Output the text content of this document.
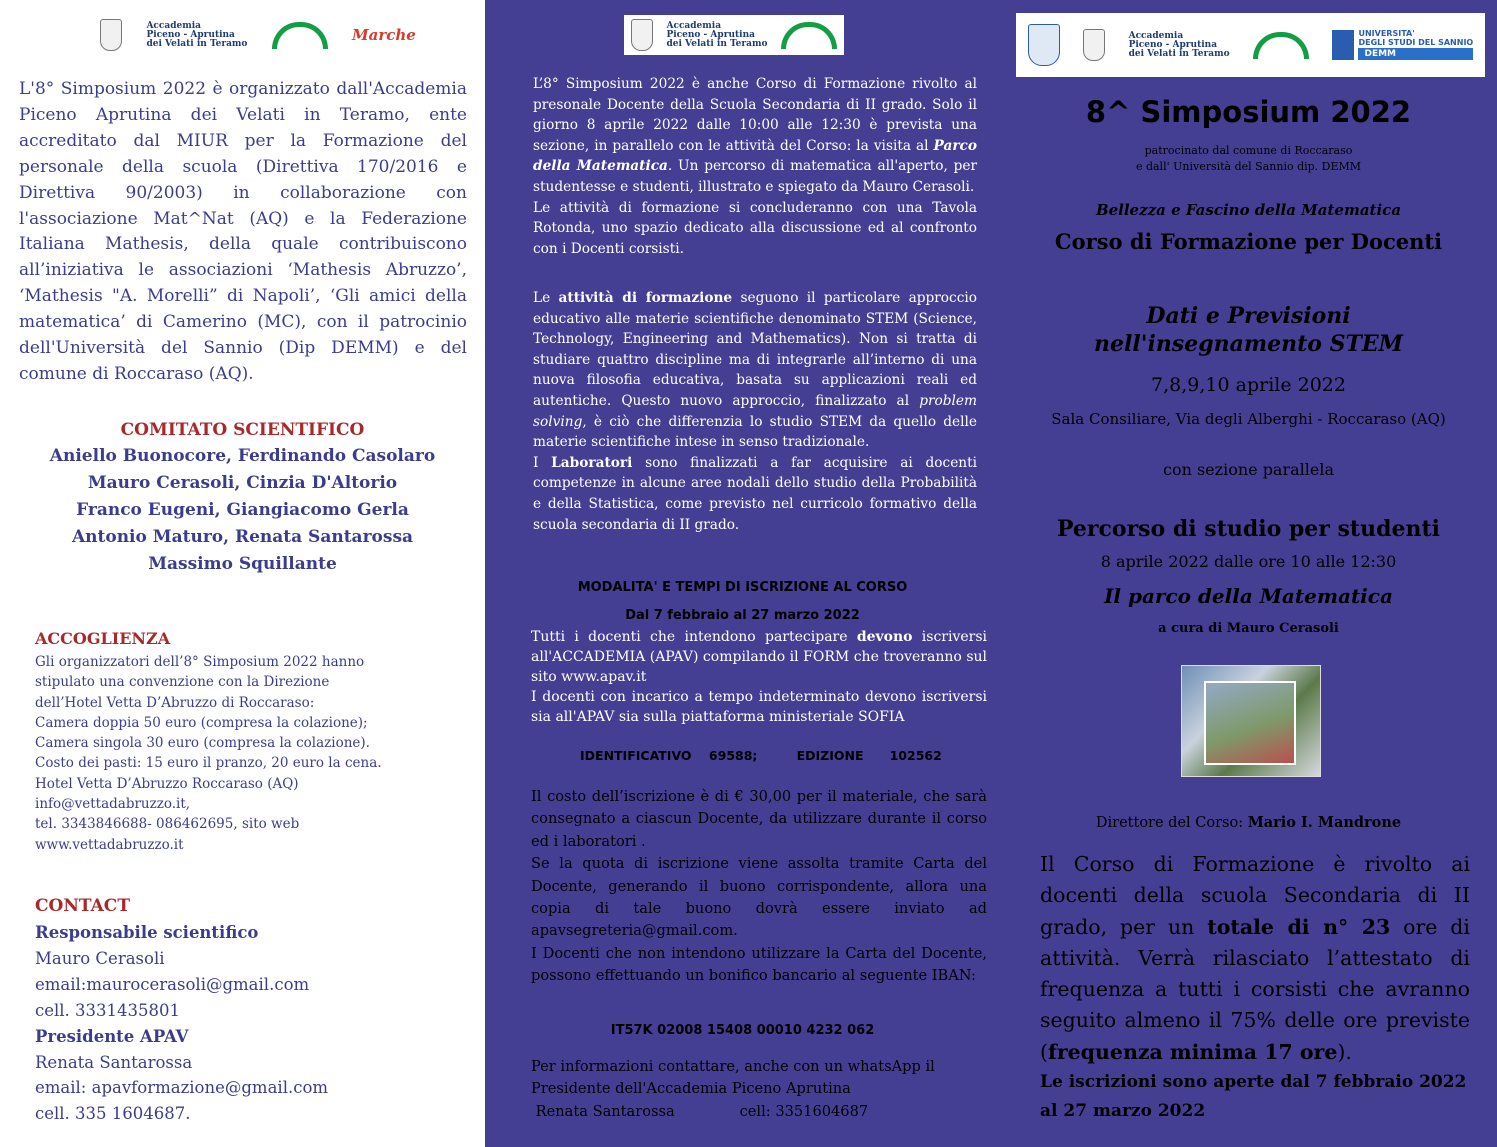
Accademia
Piceno - Aprutina
dei Velati in Teramo	Marche
L'8° Simposium 2022 è organizzato dall'Accademia Piceno Aprutina dei Velati in Teramo, ente accreditato dal MIUR per la Formazione del personale della scuola (Direttiva 170/2016 e Direttiva 90/2003) in collaborazione con l'associazione Mat^Nat (AQ) e la Federazione Italiana Mathesis, della quale contribuiscono all’iniziativa le associazioni ‘Mathesis Abruzzo’, ‘Mathesis "A. Morelli” di Napoli’, ‘Gli amici della matematica’ di Camerino (MC), con il patrocinio dell'Università del Sannio (Dip DEMM) e del comune di Roccaraso (AQ).
COMITATO SCIENTIFICO
Aniello Buonocore, Ferdinando Casolaro
Mauro Cerasoli, Cinzia D'Altorio
Franco Eugeni, Giangiacomo Gerla
Antonio Maturo, Renata Santarossa
Massimo Squillante
ACCOGLIENZA
Gli organizzatori dell’8° Simposium 2022 hanno
stipulato una convenzione con la Direzione
dell’Hotel Vetta D’Abruzzo di Roccaraso:
Camera doppia 50 euro (compresa la colazione);
Camera singola 30 euro (compresa la colazione).
Costo dei pasti: 15 euro il pranzo, 20 euro la cena.
Hotel Vetta D’Abruzzo Roccaraso (AQ)
info@vettadabruzzo.it,
tel. 3343846688- 086462695, sito web
www.vettadabruzzo.it
CONTACT
Responsabile scientifico
Mauro Cerasoli
email:maurocerasoli@gmail.com
cell. 3331435801
Presidente APAV
Renata Santarossa
email: apavformazione@gmail.com
cell. 335 1604687.
Accademia
Piceno - Aprutina
dei Velati in Teramo
L’8° Simposium 2022 è anche Corso di Formazione rivolto al presonale Docente della Scuola Secondaria di II grado. Solo il giorno 8 aprile 2022 dalle 10:00 alle 12:30 è prevista una sezione, in parallelo con le attività del Corso: la visita al Parco della Matematica. Un percorso di matematica all'aperto, per studentesse e studenti, illustrato e spiegato da Mauro Cerasoli.
Le attività di formazione si concluderanno con una Tavola Rotonda, uno spazio dedicato alla discussione ed al confronto con i Docenti corsisti.
Le attività di formazione seguono il particolare approccio educativo alle materie scientifiche denominato STEM (Science, Technology, Engineering and Mathematics). Non si tratta di studiare quattro discipline ma di integrarle all’interno di una nuova filosofia educativa, basata su applicazioni reali ed autentiche. Questo nuovo approccio, finalizzato al problem solving, è ciò che differenzia lo studio STEM da quello delle materie scientifiche intese in senso tradizionale.
I Laboratori sono finalizzati a far acquisire ai docenti competenze in alcune aree nodali dello studio della Probabilità e della Statistica, come previsto nel curricolo formativo della scuola secondaria di II grado.
MODALITA' E TEMPI DI ISCRIZIONE AL CORSO
Dal 7 febbraio al 27 marzo 2022
Tutti i docenti che intendono partecipare devono iscriversi all'ACCADEMIA (APAV) compilando il FORM che troveranno sul sito www.apav.it
I docenti con incarico a tempo indeterminato devono iscriversi sia all'APAV sia sulla piattaforma ministeriale SOFIA
IDENTIFICATIVO    69588;         EDIZIONE      102562
Il costo dell’iscrizione è di € 30,00 per il materiale, che sarà consegnato a ciascun Docente, da utilizzare durante il corso ed i laboratori .
Se la quota di iscrizione viene assolta tramite Carta del Docente, generando il buono corrispondente, allora una copia di tale buono dovrà essere inviato ad apavsegreteria@gmail.com.
I Docenti che non intendono utilizzare la Carta del Docente, possono effettuando un bonifico bancario al seguente IBAN:
IT57K 02008 15408 00010 4232 062
Per informazioni contattare, anche con un whatsApp il Presidente dell'Accademia Piceno Aprutina
Renata Santarossa              cell: 3351604687
Accademia
Piceno - Aprutina
dei Velati in Teramo
UNIVERSITA'
DEGLI STUDI DEL SANNIO
DEMM
8^ Simposium 2022
patrocinato dal comune di Roccaraso
e dall' Università del Sannio dip. DEMM
Bellezza e Fascino della Matematica
Corso di Formazione per Docenti
Dati e Previsioni
nell'insegnamento STEM
7,8,9,10 aprile 2022
Sala Consiliare, Via degli Alberghi - Roccaraso (AQ)
con sezione parallela
Percorso di studio per studenti
8 aprile 2022 dalle ore 10 alle 12:30
Il parco della Matematica
a cura di Mauro Cerasoli
Direttore del Corso: Mario I. Mandrone
Il Corso di Formazione è rivolto ai docenti della scuola Secondaria di II grado, per un totale di n° 23 ore di attività. Verrà rilasciato l’attestato di frequenza a tutti i corsisti che avranno seguito almeno il 75% delle ore previste (frequenza minima 17 ore).
Le iscrizioni sono aperte dal 7 febbraio 2022 al 27 marzo 2022
